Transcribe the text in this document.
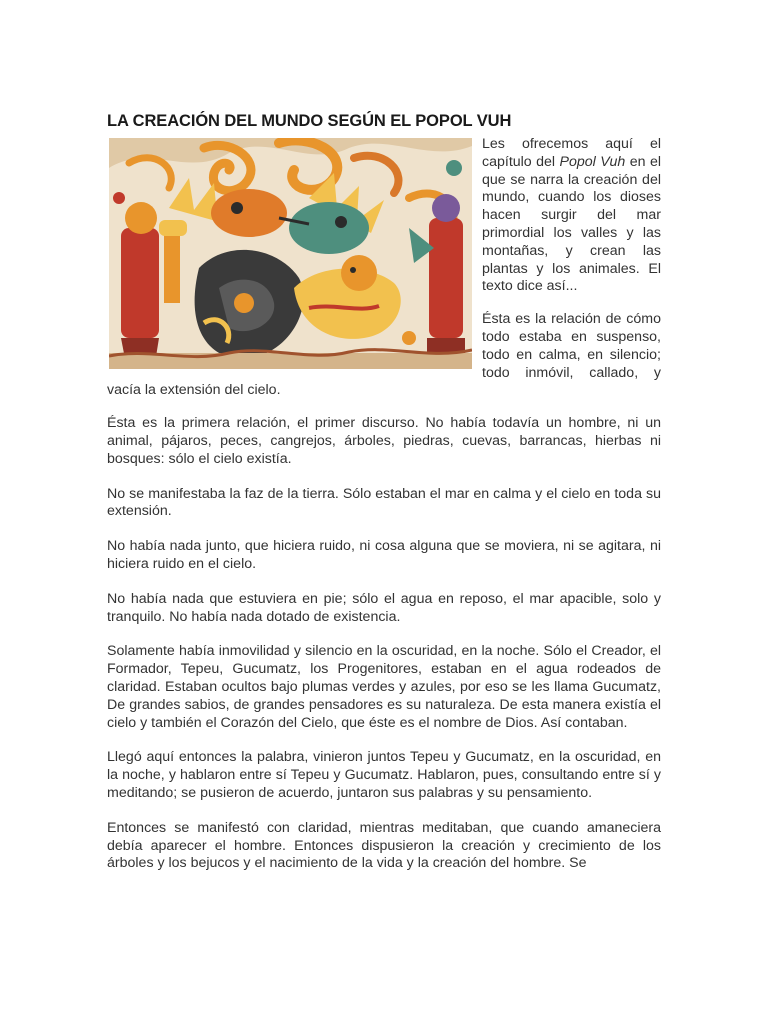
LA CREACIÓN DEL MUNDO SEGÚN EL POPOL VUH

Les ofrecemos aquí el capítulo del Popol Vuh en el que se narra la creación del mundo, cuando los dioses hacen surgir del mar primordial los valles y las montañas, y crean las plantas y los animales. El texto dice así...

Ésta es la relación de cómo todo estaba en suspenso, todo en calma, en silencio; todo inmóvil, callado, y vacía la extensión del cielo.

Ésta es la primera relación, el primer discurso. No había todavía un hombre, ni un animal, pájaros, peces, cangrejos, árboles, piedras, cuevas, barrancas, hierbas ni bosques: sólo el cielo existía.

No se manifestaba la faz de la tierra. Sólo estaban el mar en calma y el cielo en toda su extensión.

No había nada junto, que hiciera ruido, ni cosa alguna que se moviera, ni se agitara, ni hiciera ruido en el cielo.

No había nada que estuviera en pie; sólo el agua en reposo, el mar apacible, solo y tranquilo. No había nada dotado de existencia.

Solamente había inmovilidad y silencio en la oscuridad, en la noche. Sólo el Creador, el Formador, Tepeu, Gucumatz, los Progenitores, estaban en el agua rodeados de claridad. Estaban ocultos bajo plumas verdes y azules, por eso se les llama Gucumatz, De grandes sabios, de grandes pensadores es su naturaleza. De esta manera existía el cielo y también el Corazón del Cielo, que éste es el nombre de Dios. Así contaban.

Llegó aquí entonces la palabra, vinieron juntos Tepeu y Gucumatz, en la oscuridad, en la noche, y hablaron entre sí Tepeu y Gucumatz. Hablaron, pues, consultando entre sí y meditando; se pusieron de acuerdo, juntaron sus palabras y su pensamiento.

Entonces se manifestó con claridad, mientras meditaban, que cuando amaneciera debía aparecer el hombre. Entonces dispusieron la creación y crecimiento de los árboles y los bejucos y el nacimiento de la vida y la creación del hombre. Se
